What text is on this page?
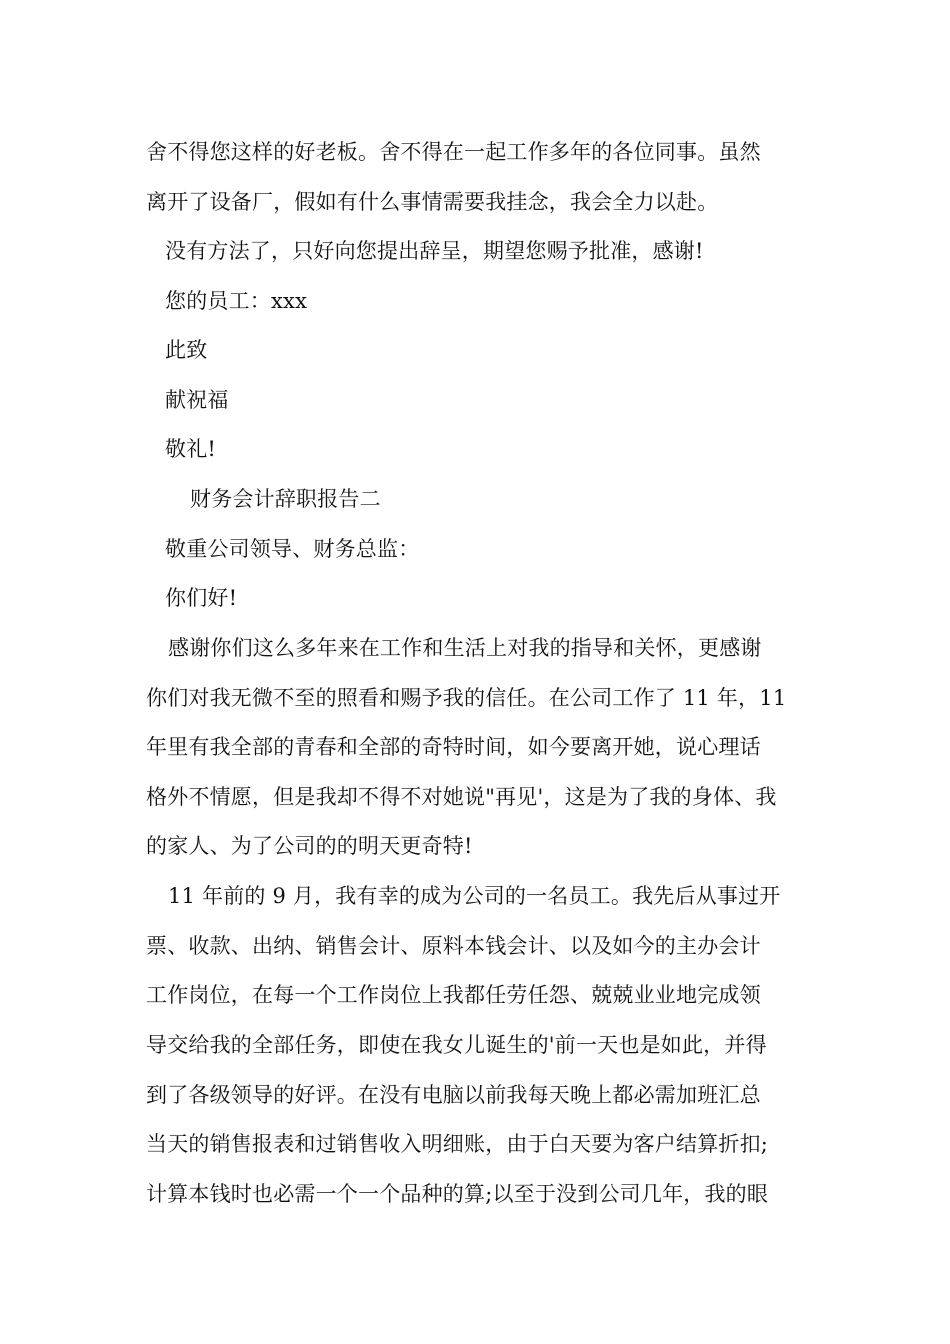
舍不得您这样的好老板。舍不得在一起工作多年的各位同事。虽然
离开了设备厂，假如有什么事情需要我挂念，我会全力以赴。
没有方法了，只好向您提出辞呈，期望您赐予批准，感谢!
您的员工：xxx
此致
献祝福
敬礼!
财务会计辞职报告二
敬重公司领导、财务总监：
你们好!
感谢你们这么多年来在工作和生活上对我的指导和关怀，更感谢
你们对我无微不至的照看和赐予我的信任。在公司工作了 11 年，11
年里有我全部的青春和全部的奇特时间，如今要离开她，说心理话
格外不情愿，但是我却不得不对她说"再见'，这是为了我的身体、我
的家人、为了公司的的明天更奇特!
11 年前的 9 月，我有幸的成为公司的一名员工。我先后从事过开
票、收款、出纳、销售会计、原料本钱会计、以及如今的主办会计
工作岗位，在每一个工作岗位上我都任劳任怨、兢兢业业地完成领
导交给我的全部任务，即使在我女儿诞生的'前一天也是如此，并得
到了各级领导的好评。在没有电脑以前我每天晚上都必需加班汇总
当天的销售报表和过销售收入明细账，由于白天要为客户结算折扣;
计算本钱时也必需一个一个品种的算;以至于没到公司几年，我的眼
